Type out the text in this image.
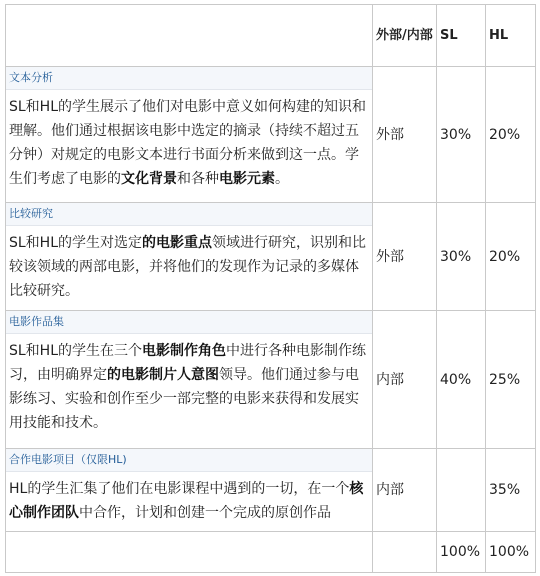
	外部/内部	SL	HL

文本分析
SL和HL的学生展示了他们对电影中意义如何构建的知识和理解。他们通过根据该电影中选定的摘录（持续不超过五分钟）对规定的电影文本进行书面分析来做到这一点。学生们考虑了电影的文化背景和各种电影元素。	外部	30%	20%

比较研究
SL和HL的学生对选定的电影重点领域进行研究，识别和比较该领域的两部电影，并将他们的发现作为记录的多媒体比较研究。	外部	30%	20%

电影作品集
SL和HL的学生在三个电影制作角色中进行各种电影制作练习，由明确界定的电影制片人意图领导。他们通过参与电影练习、实验和创作至少一部完整的电影来获得和发展实用技能和技术。	内部	40%	25%

合作电影项目（仅限HL)
HL的学生汇集了他们在电影课程中遇到的一切，在一个核心制作团队中合作，计划和创建一个完成的原创作品	内部		35%
		100%	100%
